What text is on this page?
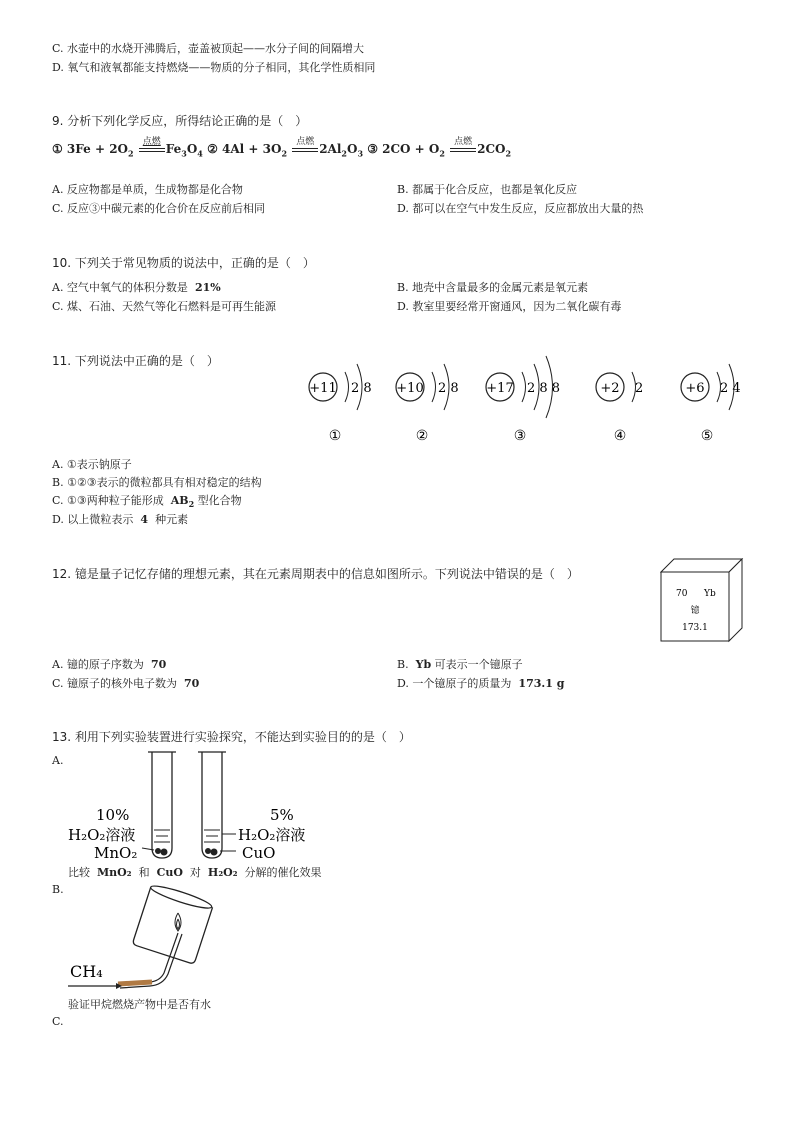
C. 水壶中的水烧开沸腾后，壶盖被顶起——水分子间的间隔增大
D. 氧气和液氧都能支持燃烧——物质的分子相同，其化学性质相同
9. 分析下列化学反应，所得结论正确的是（　）
① $3Fe + 2O_2$
点燃 $Fe_3O_4$ ② $4Al + 3O_2$
点燃 $2Al_2O_3$ ③ $2CO + O_2$
点燃 $2CO_2$
A. 反应物都是单质，生成物都是化合物	B. 都属于化合反应，也都是氧化反应
C. 反应③中碳元素的化合价在反应前后相同	D. 都可以在空气中发生反应，反应都放出大量的热
10. 下列关于常见物质的说法中，正确的是（　）
A. 空气中氧气的体积分数是 21%	B. 地壳中含量最多的金属元素是氧元素
C. 煤、石油、天然气等化石燃料是可再生能源	D. 教室里要经常开窗通风，因为二氧化碳有毒
11. 下列说法中正确的是（　）
+11 2 8
①
+10 2 8
②
+17 2 8 8
③
+2 2
④
+6 2 4
⑤
A. ①表示钠原子
B. ①②③表示的微粒都具有相对稳定的结构
C. ①③两种粒子能形成 $AB_2$ 型化合物
D. 以上微粒表示 4 种元素
12. 镱是量子记忆存储的理想元素，其在元素周期表中的信息如图所示。下列说法中错误的是（　）
70 Yb
镱
173.1
A. 镱的原子序数为 70	B. Yb 可表示一个镱原子
C. 镱原子的核外电子数为 70	D. 一个镱原子的质量为 173.1 g
13. 利用下列实验装置进行实验探究，不能达到实验目的的是（　）
A.
10%
H₂O₂溶液
MnO₂
5%
H₂O₂溶液
CuO
比较 MnO₂ 和 CuO 对 H₂O₂ 分解的催化效果
B.
CH₄
验证甲烷燃烧产物中是否有水
C.
